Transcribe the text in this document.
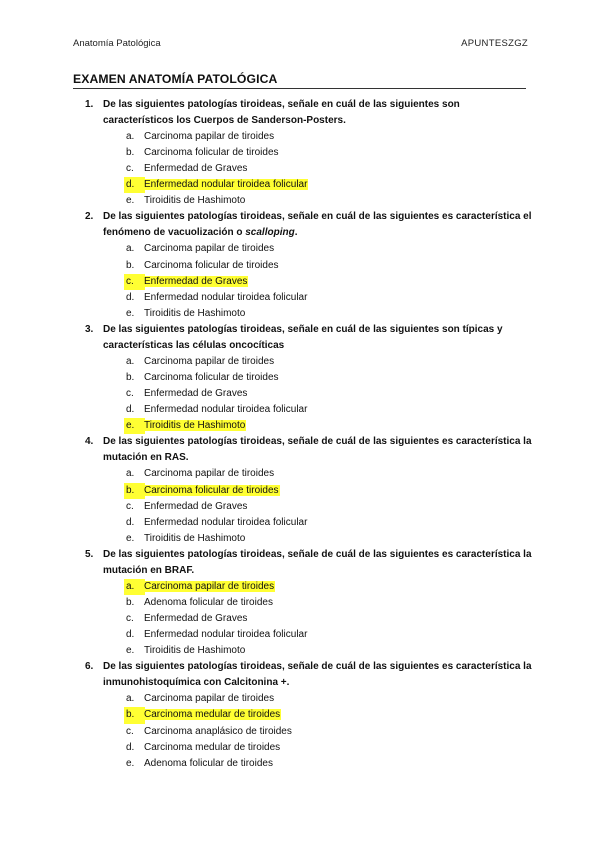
Anatomía Patológica	APUNTESZGZ
EXAMEN ANATOMÍA PATOLÓGICA
1. De las siguientes patologías tiroideas, señale en cuál de las siguientes son característicos los Cuerpos de Sanderson-Posters.
a. Carcinoma papilar de tiroides
b. Carcinoma folicular de tiroides
c. Enfermedad de Graves
d. Enfermedad nodular tiroidea folicular
e. Tiroiditis de Hashimoto
2. De las siguientes patologías tiroideas, señale en cuál de las siguientes es característica el fenómeno de vacuolización o scalloping.
a. Carcinoma papilar de tiroides
b. Carcinoma folicular de tiroides
c. Enfermedad de Graves
d. Enfermedad nodular tiroidea folicular
e. Tiroiditis de Hashimoto
3. De las siguientes patologías tiroideas, señale en cuál de las siguientes son típicas y características las células oncocíticas
a. Carcinoma papilar de tiroides
b. Carcinoma folicular de tiroides
c. Enfermedad de Graves
d. Enfermedad nodular tiroidea folicular
e. Tiroiditis de Hashimoto
4. De las siguientes patologías tiroideas, señale de cuál de las siguientes es característica la mutación en RAS.
a. Carcinoma papilar de tiroides
b. Carcinoma folicular de tiroides
c. Enfermedad de Graves
d. Enfermedad nodular tiroidea folicular
e. Tiroiditis de Hashimoto
5. De las siguientes patologías tiroideas, señale de cuál de las siguientes es característica la mutación en BRAF.
a. Carcinoma papilar de tiroides
b. Adenoma folicular de tiroides
c. Enfermedad de Graves
d. Enfermedad nodular tiroidea folicular
e. Tiroiditis de Hashimoto
6. De las siguientes patologías tiroideas, señale de cuál de las siguientes es característica la inmunohistoquímica con Calcitonina +.
a. Carcinoma papilar de tiroides
b. Carcinoma medular de tiroides
c. Carcinoma anaplásico de tiroides
d. Carcinoma medular de tiroides
e. Adenoma folicular de tiroides
